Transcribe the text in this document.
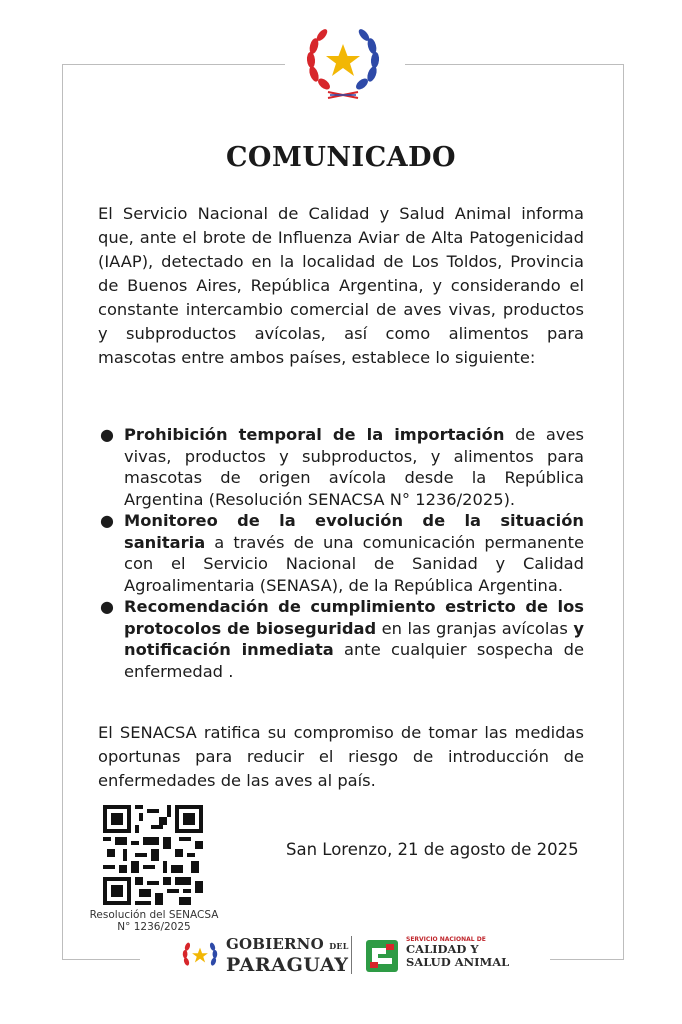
COMUNICADO

El Servicio Nacional de Calidad y Salud Animal informa que, ante el brote de Influenza Aviar de Alta Patogenicidad (IAAP), detectado en la localidad de Los Toldos, Provincia de Buenos Aires, República Argentina, y considerando el constante intercambio comercial de aves vivas, productos y subproductos avícolas, así como alimentos para mascotas entre ambos países, establece lo siguiente:

● Prohibición temporal de la importación de aves vivas, productos y subproductos, y alimentos para mascotas de origen avícola desde la República Argentina (Resolución SENACSA N° 1236/2025).
● Monitoreo de la evolución de la situación sanitaria a través de una comunicación permanente con el Servicio Nacional de Sanidad y Calidad Agroalimentaria (SENASA), de la República Argentina.
● Recomendación de cumplimiento estricto de los protocolos de bioseguridad en las granjas avícolas y notificación inmediata ante cualquier sospecha de enfermedad .

El SENACSA ratifica su compromiso de tomar las medidas oportunas para reducir el riesgo de introducción de enfermedades de las aves al país.

Resolución del SENACSA
N° 1236/2025
San Lorenzo, 21 de agosto de 2025
GOBIERNO DEL
PARAGUAY
SERVICIO NACIONAL DE
CALIDAD Y
SALUD ANIMAL
